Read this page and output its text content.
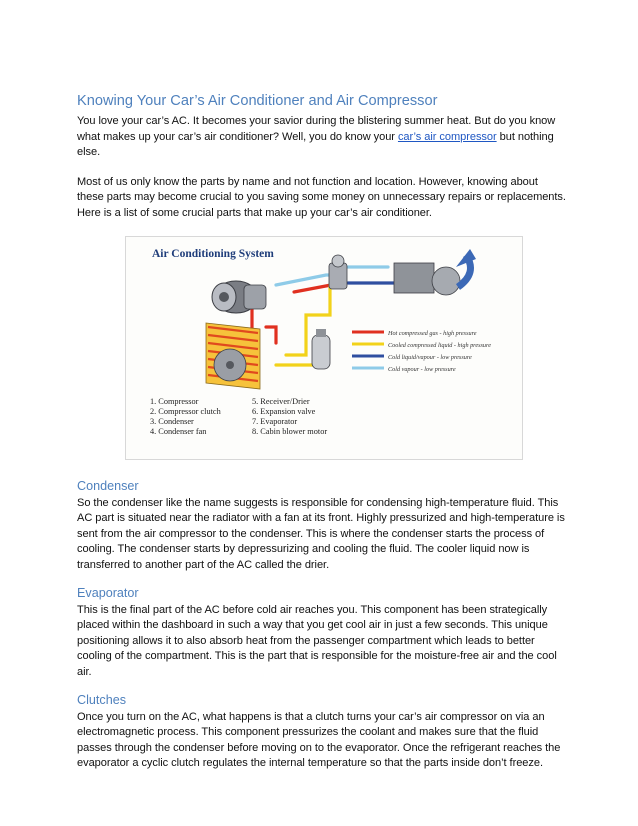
Knowing Your Car’s Air Conditioner and Air Compressor

You love your car’s AC. It becomes your savior during the blistering summer heat. But do you know what makes up your car’s air conditioner? Well, you do know your car’s air compressor but nothing else.

Most of us only know the parts by name and not function and location. However, knowing about these parts may become crucial to you saving some money on unnecessary repairs or replacements. Here is a list of some crucial parts that make up your car’s air conditioner.

Air Conditioning System
Hot compressed gas - high pressure
Cooled compressed liquid - high pressure
Cold liquid/vapour - low pressure
Cold vapour - low pressure
1. Compressor
2. Compressor clutch
3. Condenser
4. Condenser fan
5. Receiver/Drier
6. Expansion valve
7. Evaporator
8. Cabin blower motor
Condenser

So the condenser like the name suggests is responsible for condensing high-temperature fluid. This AC part is situated near the radiator with a fan at its front. Highly pressurized and high-temperature is sent from the air compressor to the condenser. This is where the condenser starts the process of cooling. The condenser starts by depressurizing and cooling the fluid. The cooler liquid now is transferred to another part of the AC called the drier.

Evaporator

This is the final part of the AC before cold air reaches you. This component has been strategically placed within the dashboard in such a way that you get cool air in just a few seconds. This unique positioning allows it to also absorb heat from the passenger compartment which leads to better cooling of the compartment. This is the part that is responsible for the moisture-free air and the cool air.

Clutches

Once you turn on the AC, what happens is that a clutch turns your car’s air compressor on via an electromagnetic process. This component pressurizes the coolant and makes sure that the fluid passes through the condenser before moving on to the evaporator. Once the refrigerant reaches the evaporator a cyclic clutch regulates the internal temperature so that the parts inside don’t freeze.
